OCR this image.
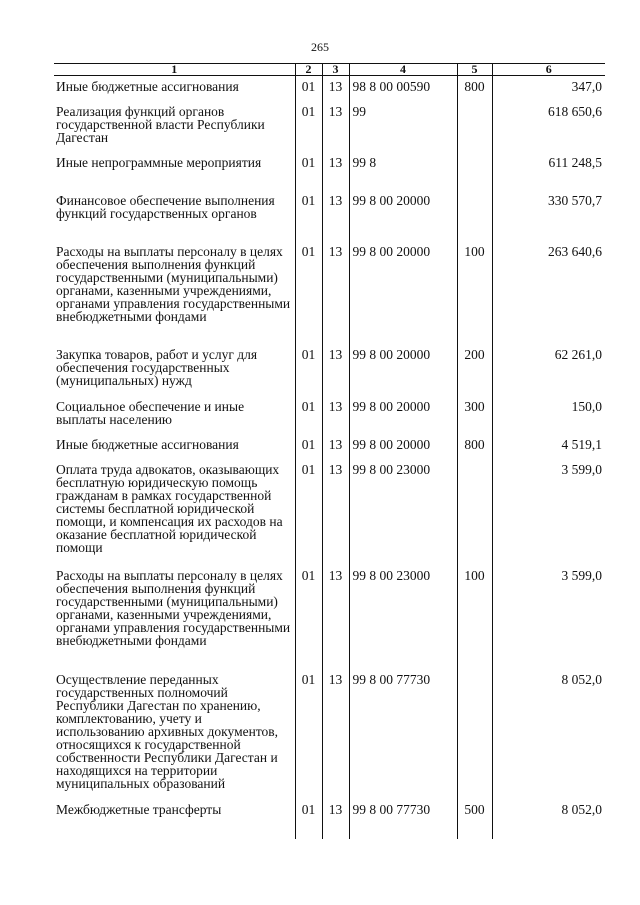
265
1	2	3	4	5	6
Иные бюджетные ассигнования	01	13	98 8 00 00590	800	347,0
Реализация функций органов государственной власти Республики Дагестан	01	13	99		618 650,6
Иные непрограммные мероприятия	01	13	99 8		611 248,5
Финансовое обеспечение выполнения функций государственных органов	01	13	99 8 00 20000		330 570,7
Расходы на выплаты персоналу в целях обеспечения выполнения функций государственными (муниципальными) органами, казенными учреждениями, органами управления государственными внебюджетными фондами	01	13	99 8 00 20000	100	263 640,6
Закупка товаров, работ и услуг для обеспечения государственных (муниципальных) нужд	01	13	99 8 00 20000	200	62 261,0
Социальное обеспечение и иные выплаты населению	01	13	99 8 00 20000	300	150,0
Иные бюджетные ассигнования	01	13	99 8 00 20000	800	4 519,1
Оплата труда адвокатов, оказывающих бесплатную юридическую помощь гражданам в рамках государственной системы бесплатной юридической помощи, и компенсация их расходов на оказание бесплатной юридической помощи	01	13	99 8 00 23000		3 599,0
Расходы на выплаты персоналу в целях обеспечения выполнения функций государственными (муниципальными) органами, казенными учреждениями, органами управления государственными внебюджетными фондами	01	13	99 8 00 23000	100	3 599,0
Осуществление переданных государственных полномочий Республики Дагестан по хранению, комплектованию, учету и использованию архивных документов, относящихся к государственной собственности Республики Дагестан и находящихся на территории муниципальных образований	01	13	99 8 00 77730		8 052,0
Межбюджетные трансферты	01	13	99 8 00 77730	500	8 052,0
